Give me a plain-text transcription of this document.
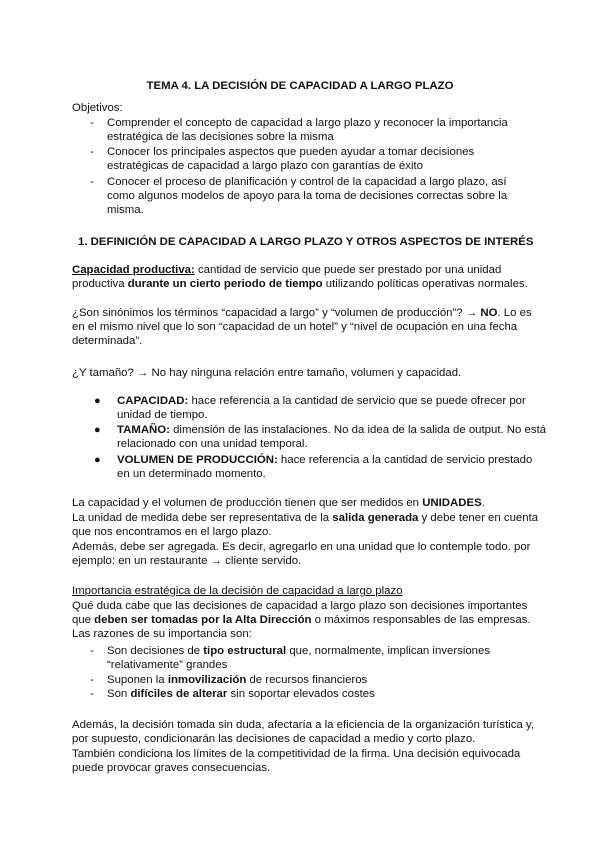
TEMA 4. LA DECISIÓN DE CAPACIDAD A LARGO PLAZO
Objetivos:
- Comprender el concepto de capacidad a largo plazo y reconocer la importancia
estratégica de las decisiones sobre la misma
- Conocer los principales aspectos que pueden ayudar a tomar decisiones
estratégicas de capacidad a largo plazo con garantías de éxito
- Conocer el proceso de planificación y control de la capacidad a largo plazo, así
como algunos modelos de apoyo para la toma de decisiones correctas sobre la
misma.
1. DEFINICIÓN DE CAPACIDAD A LARGO PLAZO Y OTROS ASPECTOS DE INTERÉS
Capacidad productiva: cantidad de servicio que puede ser prestado por una unidad
productiva durante un cierto periodo de tiempo utilizando políticas operativas normales.
¿Son sinónimos los términos “capacidad a largo” y “volumen de producción”? → NO. Lo es
en el mismo nivel que lo son “capacidad de un hotel” y “nivel de ocupación en una fecha
determinada”.
¿Y tamaño? → No hay ninguna relación entre tamaño, volumen y capacidad.
● CAPACIDAD: hace referencia a la cantidad de servicio que se puede ofrecer por
unidad de tiempo.
● TAMAÑO: dimensión de las instalaciones. No da idea de la salida de output. No está
relacionado con una unidad temporal.
● VOLUMEN DE PRODUCCIÓN: hace referencia a la cantidad de servicio prestado
en un determinado momento.
La capacidad y el volumen de producción tienen que ser medidos en UNIDADES.
La unidad de medida debe ser representativa de la salida generada y debe tener en cuenta
que nos encontramos en el largo plazo.
Además, debe ser agregada. Es decir, agregarlo en una unidad que lo contemple todo. por
ejemplo: en un restaurante → cliente servido.
Importancia estratégica de la decisión de capacidad a largo plazo
Qué duda cabe que las decisiones de capacidad a largo plazo son decisiones importantes
que deben ser tomadas por la Alta Dirección o máximos responsables de las empresas.
Las razones de su importancia son:
- Son decisiones de tipo estructural que, normalmente, implican inversiones
“relativamente” grandes
- Suponen la inmovilización de recursos financieros
- Son difíciles de alterar sin soportar elevados costes
Además, la decisión tomada sin duda, afectaría a la eficiencia de la organización turística y,
por supuesto, condicionarán las decisiones de capacidad a medio y corto plazo.
También condiciona los límites de la competitividad de la firma. Una decisión equivocada
puede provocar graves consecuencias.
